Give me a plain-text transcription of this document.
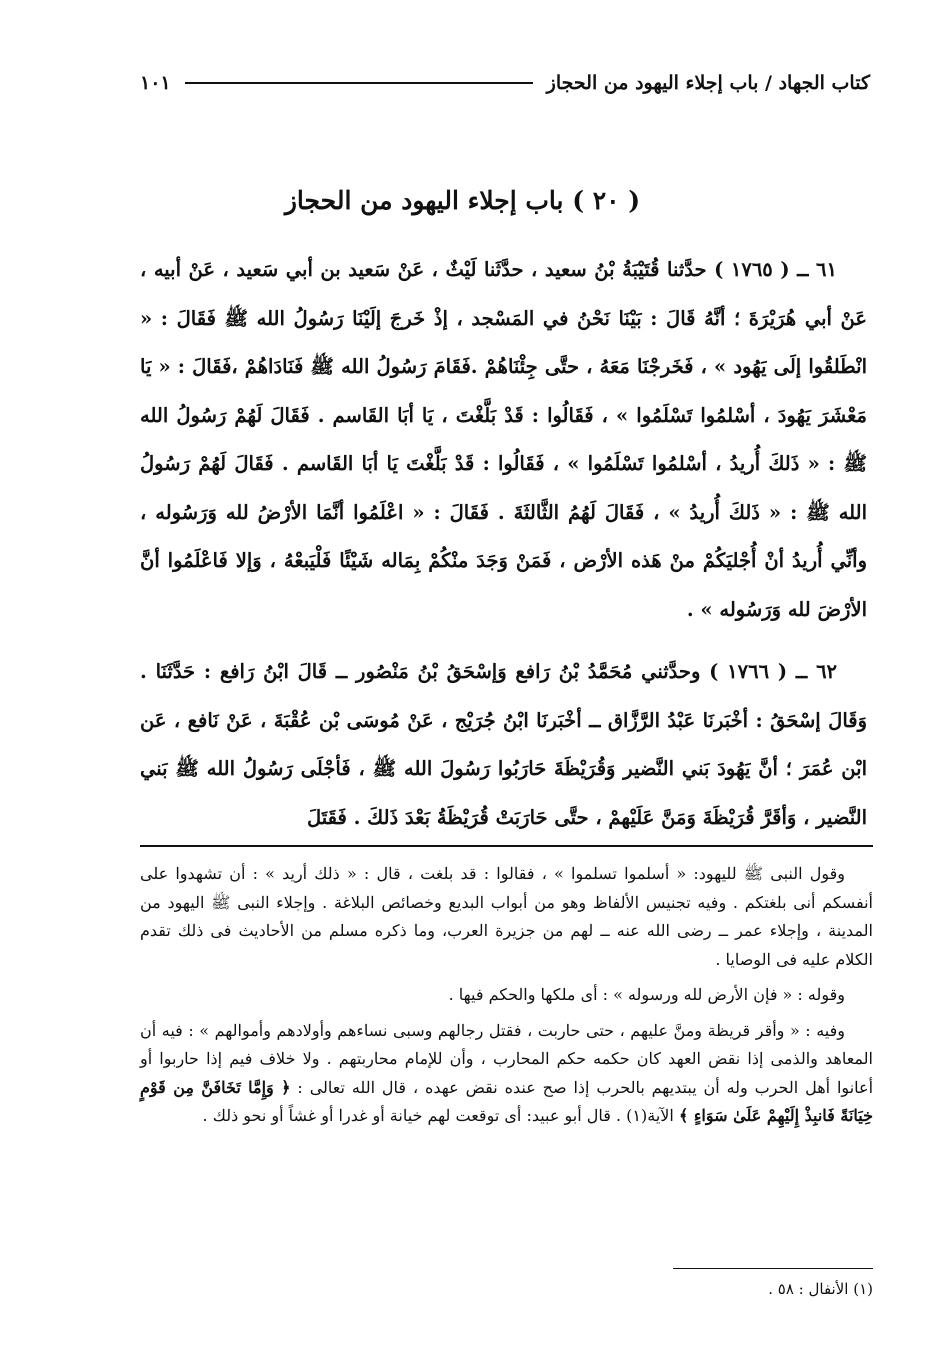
كتاب الجهاد / باب إجلاء اليهود من الحجاز
١٠١
( ٢٠ ) باب إجلاء اليهود من الحجاز

٦١ ــ ( ١٧٦٥ ) حدَّثنا قُتَيْبَةُ بْنُ سعيد ، حدَّثَنا لَيْثٌ ، عَنْ سَعيد بن أبي سَعيد ، عَنْ أبيه ، عَنْ أبي هُرَيْرَةَ ؛ أنَّهُ قَالَ : بَيْنَا نَحْنُ في المَسْجد ، إذْ خَرجَ إلَيْنَا رَسُولُ الله ﷺ فَقَالَ : « انْطَلقُوا إلَى يَهُود » ، فَخَرجْنَا مَعَهُ ، حتَّى جِئْنَاهُمْ .فَقَامَ رَسُولُ الله ﷺ فَنَادَاهُمْ ،فَقَالَ : « يَا مَعْشَرَ يَهُودَ ، أسْلمُوا تَسْلَمُوا » ، فَقَالُوا : قَدْ بَلَّغْتَ ، يَا أبَا القَاسم . فَقَالَ لَهُمْ رَسُولُ الله ﷺ : « ذَلكَ أُريدُ ، أسْلمُوا تَسْلَمُوا » ، فَقَالُوا : قَدْ بَلَّغْتَ يَا أبَا القَاسم . فَقَالَ لَهُمْ رَسُولُ الله ﷺ : « ذَلكَ أُريدُ » ، فَقَالَ لَهُمُ الثَّالثَةَ . فَقَالَ : « اعْلَمُوا أنَّمَا الأرْضُ لله وَرَسُوله ، وأنِّي أُريدُ أنْ أُجْليَكُمْ منْ هَذه الأرْض ، فَمَنْ وَجَدَ منْكُمْ بِمَاله شَيْئًا فَلْيَبعْهُ ، وَإلا فَاعْلَمُوا أنَّ الأرْضَ لله وَرَسُوله » .

٦٢ ــ ( ١٧٦٦ ) وحدَّثني مُحَمَّدُ بْنُ رَافع وَإسْحَقُ بْنُ مَنْصُور ــ قَالَ ابْنُ رَافع : حَدَّثَنَا . وَقَالَ إسْحَقُ : أخْبَرنَا عَبْدُ الرَّزَّاق ــ أخْبَرنَا ابْنُ جُرَيْج ، عَنْ مُوسَى بْن عُقْبَةَ ، عَنْ نَافع ، عَن ابْن عُمَرَ ؛ أنَّ يَهُودَ بَني النَّضير وَقُرَيْظَةَ حَارَبُوا رَسُولَ الله ﷺ ، فَأجْلَى رَسُولُ الله ﷺ بَني النَّضير ، وَأقَرَّ قُرَيْظَةَ وَمَنَّ عَلَيْهمْ ، حتَّى حَارَبَتْ قُرَيْظَةُ بَعْدَ ذَلكَ . فَقَتَلَ

وقول النبى ﷺ لليهود: « أسلموا تسلموا » ، فقالوا : قد بلغت ، قال : « ذلك أريد » : أن تشهدوا على أنفسكم أنى بلغتكم . وفيه تجنيس الألفاظ وهو من أبواب البديع وخصائص البلاغة . وإجلاء النبى ﷺ اليهود من المدينة ، وإجلاء عمر ــ رضى الله عنه ــ لهم من جزيرة العرب، وما ذكره مسلم من الأحاديث فى ذلك تقدم الكلام عليه فى الوصايا .

وقوله : « فإن الأرض لله ورسوله » : أى ملكها والحكم فيها .

وفيه : « وأقر قريظة ومنَّ عليهم ، حتى حاربت ، فقتل رجالهم وسبى نساءهم وأولادهم وأموالهم » : فيه أن المعاهد والذمى إذا نقض العهد كان حكمه حكم المحارب ، وأن للإمام محاربتهم . ولا خلاف فيم إذا حاربوا أو أعانوا أهل الحرب وله أن يبتديهم بالحرب إذا صح عنده نقض عهده ، قال الله تعالى : ﴿ وَإِمَّا تَخَافَنَّ مِن قَوْمٍ خِيَانَةً فَانبِذْ إِلَيْهِمْ عَلَىٰ سَوَاءٍ ﴾ الآية(١) . قال أبو عبيد: أى توقعت لهم خيانة أو غدرا أو غشاً أو نحو ذلك .

(١) الأنفال : ٥٨ .
